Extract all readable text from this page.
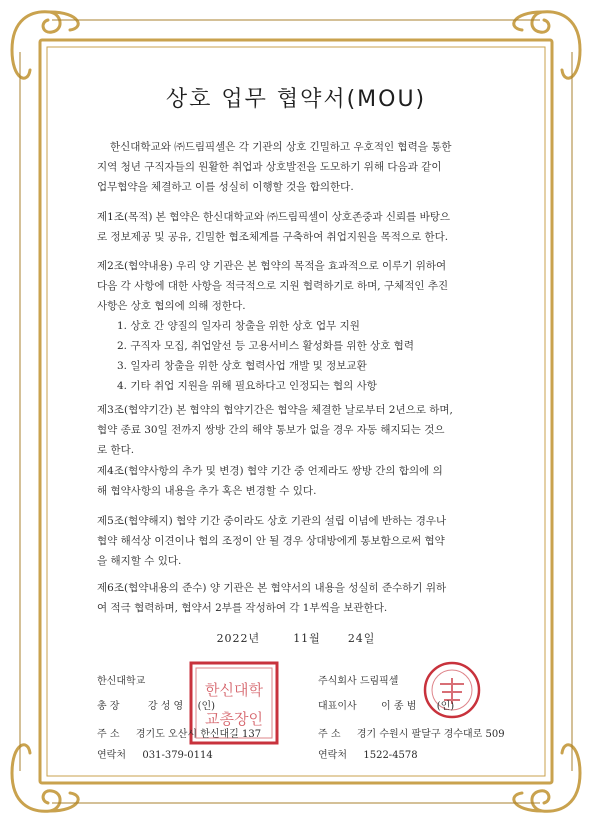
상호 업무 협약서(MOU)
한신대학교와 ㈜드림픽셀은 각 기관의 상호 긴밀하고 우호적인 협력을 통한
지역 청년 구직자들의 원활한 취업과 상호발전을 도모하기 위해 다음과 같이
업무협약을 체결하고 이를 성실히 이행할 것을 합의한다.
제1조(목적) 본 협약은 한신대학교와 ㈜드림픽셀이 상호존중과 신뢰를 바탕으
로 정보제공 및 공유, 긴밀한 협조체계를 구축하여 취업지원을 목적으로 한다.
제2조(협약내용) 우리 양 기관은 본 협약의 목적을 효과적으로 이루기 위하여
다음 각 사항에 대한 사항을 적극적으로 지원 협력하기로 하며, 구체적인 추진
사항은 상호 협의에 의해 정한다.
1. 상호 간 양질의 일자리 창출을 위한 상호 업무 지원
2. 구직자 모집, 취업알선 등 고용서비스 활성화를 위한 상호 협력
3. 일자리 창출을 위한 상호 협력사업 개발 및 정보교환
4. 기타 취업 지원을 위해 필요하다고 인정되는 협의 사항
제3조(협약기간) 본 협약의 협약기간은 협약을 체결한 날로부터 2년으로 하며,
협약 종료 30일 전까지 쌍방 간의 해약 통보가 없을 경우 자동 해지되는 것으
로 한다.
제4조(협약사항의 추가 및 변경) 협약 기간 중 언제라도 쌍방 간의 합의에 의
해 협약사항의 내용을 추가 혹은 변경할 수 있다.
제5조(협약해지) 협약 기간 중이라도 상호 기관의 설립 이념에 반하는 경우나
협약 해석상 이견이나 협의 조정이 안 될 경우 상대방에게 통보함으로써 협약
을 해지할 수 있다.
제6조(협약내용의 준수) 양 기관은 본 협약서의 내용을 성실히 준수하기 위하
여 적극 협력하며, 협약서 2부를 작성하여 각 1부씩을 보관한다.
2022년	11월 24일
한신대학
교총장인
한신대학교
총 장	강 성 영 (인)
주 소 경기도 오산시 한신대길 137
연락처 031-379-0114
주식회사 드림픽셀
대표이사 이 종 범 (인)
주 소 경기 수원시 팔달구 경수대로 509
연락처 1522-4578
